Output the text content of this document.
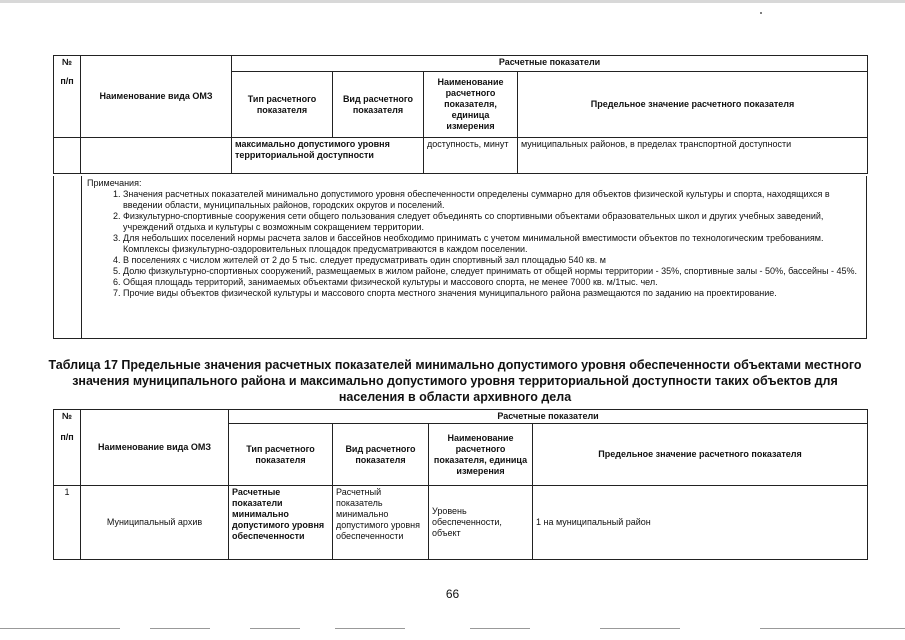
№
п/п	Наименование вида ОМЗ	Расчетные показатели			
		Тип расчетного показателя	Вид расчетного показателя	Наименование расчетного показателя, единица измерения	Предельное значение расчетного показателя
		максимально допустимого уровня территориальной доступности		доступность, минут	муниципальных районов, в пределах транспортной доступности
Примечания:
1. Значения расчетных показателей минимально допустимого уровня обеспеченности определены суммарно для объектов физической культуры и спорта, находящихся в введении области, муниципальных районов, городских округов и поселений.
2. Физкультурно-спортивные сооружения сети общего пользования следует объединять со спортивными объектами образовательных школ и других учебных заведений, учреждений отдыха и культуры с возможным сокращением территории.
3. Для небольших поселений нормы расчета залов и бассейнов необходимо принимать с учетом минимальной вместимости объектов по технологическим требованиям. Комплексы физкультурно-оздоровительных площадок предусматриваются в каждом поселении.
4. В поселениях с числом жителей от 2 до 5 тыс. следует предусматривать один спортивный зал площадью 540 кв. м
5. Долю физкультурно-спортивных сооружений, размещаемых в жилом районе, следует принимать от общей нормы территории - 35%, спортивные залы - 50%, бассейны - 45%.
6. Общая площадь территорий, занимаемых объектами физической культуры и массового спорта, не менее 7000 кв. м/1тыс. чел.
7. Прочие виды объектов физической культуры и массового спорта местного значения муниципального района размещаются по заданию на проектирование.
Таблица 17 Предельные значения расчетных показателей минимально допустимого уровня обеспеченности объектами местного значения муниципального района и максимально допустимого уровня территориальной доступности таких объектов для населения в области архивного дела
№
п/п	Наименование вида ОМЗ	Расчетные показатели			
		Тип расчетного показателя	Вид расчетного показателя	Наименование расчетного показателя, единица измерения	Предельное значение расчетного показателя
1	Муниципальный архив	Расчетные показатели минимально допустимого уровня обеспеченности	Расчетный показатель минимально допустимого уровня обеспеченности	Уровень обеспеченности, объект	1 на муниципальный район
66
